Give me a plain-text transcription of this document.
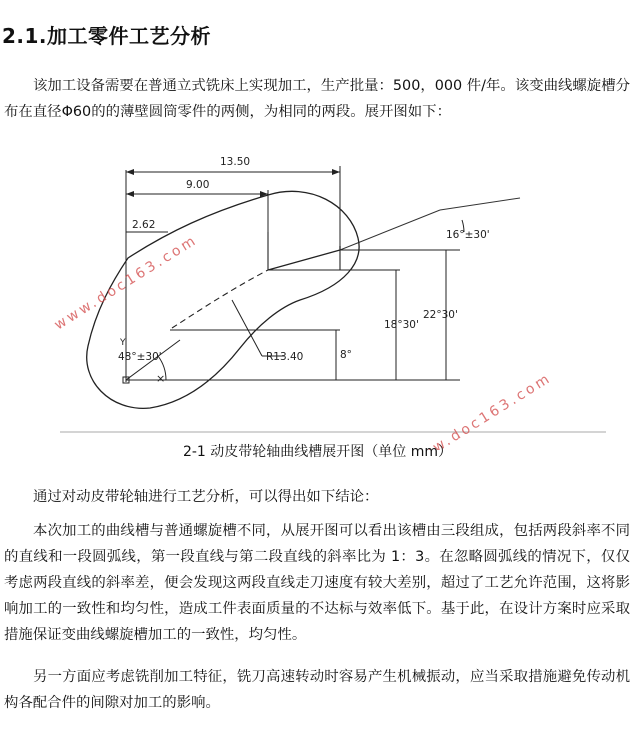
2.1.加工零件工艺分析

该加工设备需要在普通立式铣床上实现加工，生产批量：500，000 件/年。该变曲线螺旋槽分布在直径Φ60的的薄壁圆筒零件的两侧，为相同的两段。展开图如下：

13.50
9.00
2.62
22°30'
18°30'
8°
16°±30'
R13.40
48°±30'
Y
×
www.doc163.com
www.doc163.com

2-1 动皮带轮轴曲线槽展开图（单位 mm）

通过对动皮带轮轴进行工艺分析，可以得出如下结论：

本次加工的曲线槽与普通螺旋槽不同，从展开图可以看出该槽由三段组成，包括两段斜率不同的直线和一段圆弧线，第一段直线与第二段直线的斜率比为 1：3。在忽略圆弧线的情况下，仅仅考虑两段直线的斜率差，便会发现这两段直线走刀速度有较大差别，超过了工艺允许范围，这将影响加工的一致性和均匀性，造成工件表面质量的不达标与效率低下。基于此，在设计方案时应采取措施保证变曲线螺旋槽加工的一致性，均匀性。

另一方面应考虑铣削加工特征，铣刀高速转动时容易产生机械振动，应当采取措施避免传动机构各配合件的间隙对加工的影响。
